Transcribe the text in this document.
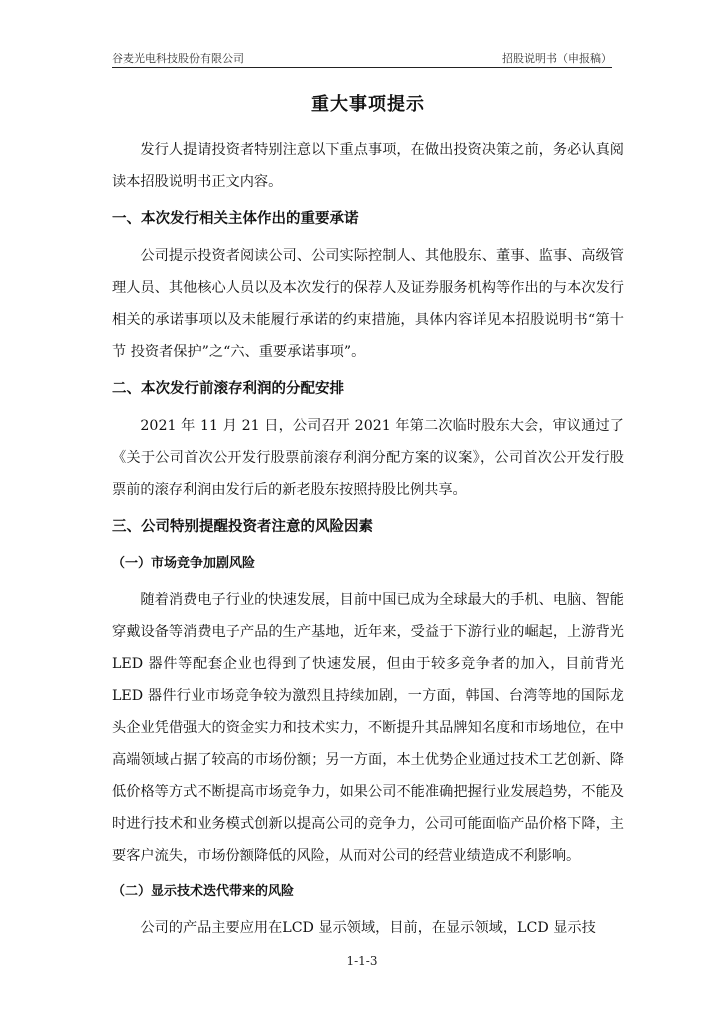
谷麦光电科技股份有限公司	招股说明书（申报稿）
重大事项提示

发行人提请投资者特别注意以下重点事项，在做出投资决策之前，务必认真阅读本招股说明书正文内容。

一、本次发行相关主体作出的重要承诺

公司提示投资者阅读公司、公司实际控制人、其他股东、董事、监事、高级管理人员、其他核心人员以及本次发行的保荐人及证券服务机构等作出的与本次发行相关的承诺事项以及未能履行承诺的约束措施，具体内容详见本招股说明书“第十节 投资者保护”之“六、重要承诺事项”。

二、本次发行前滚存利润的分配安排

2021 年 11 月 21 日，公司召开 2021 年第二次临时股东大会，审议通过了《关于公司首次公开发行股票前滚存利润分配方案的议案》，公司首次公开发行股票前的滚存利润由发行后的新老股东按照持股比例共享。

三、公司特别提醒投资者注意的风险因素
（一）市场竞争加剧风险

随着消费电子行业的快速发展，目前中国已成为全球最大的手机、电脑、智能穿戴设备等消费电子产品的生产基地，近年来，受益于下游行业的崛起，上游背光 LED 器件等配套企业也得到了快速发展，但由于较多竞争者的加入，目前背光 LED 器件行业市场竞争较为激烈且持续加剧，一方面，韩国、台湾等地的国际龙头企业凭借强大的资金实力和技术实力，不断提升其品牌知名度和市场地位，在中高端领域占据了较高的市场份额；另一方面，本土优势企业通过技术工艺创新、降低价格等方式不断提高市场竞争力，如果公司不能准确把握行业发展趋势，不能及时进行技术和业务模式创新以提高公司的竞争力，公司可能面临产品价格下降，主要客户流失，市场份额降低的风险，从而对公司的经营业绩造成不利影响。

（二）显示技术迭代带来的风险

公司的产品主要应用在LCD 显示领域，目前，在显示领域，LCD 显示技

1-1-3
